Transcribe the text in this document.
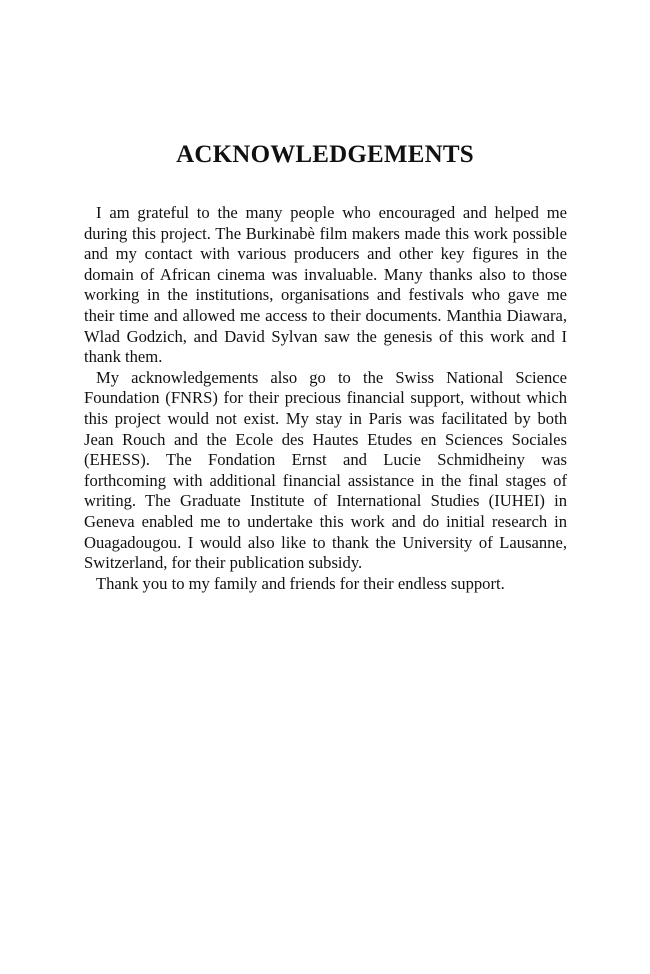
ACKNOWLEDGEMENTS

I am grateful to the many people who encouraged and helped me during this project. The Burkinabè film makers made this work possible and my contact with various producers and other key figures in the domain of African cinema was invaluable. Many thanks also to those working in the institutions, organisations and festivals who gave me their time and allowed me access to their documents. Manthia Diawara, Wlad Godzich, and David Sylvan saw the genesis of this work and I thank them.

My acknowledgements also go to the Swiss National Science Foundation (FNRS) for their precious financial support, without which this project would not exist. My stay in Paris was facilitated by both Jean Rouch and the Ecole des Hautes Etudes en Sciences Sociales (EHESS). The Fondation Ernst and Lucie Schmidheiny was forthcoming with additional financial assistance in the final stages of writing. The Graduate Institute of International Studies (IUHEI) in Geneva enabled me to undertake this work and do initial research in Ouagadougou. I would also like to thank the University of Lausanne, Switzerland, for their publication subsidy.

Thank you to my family and friends for their endless support.
